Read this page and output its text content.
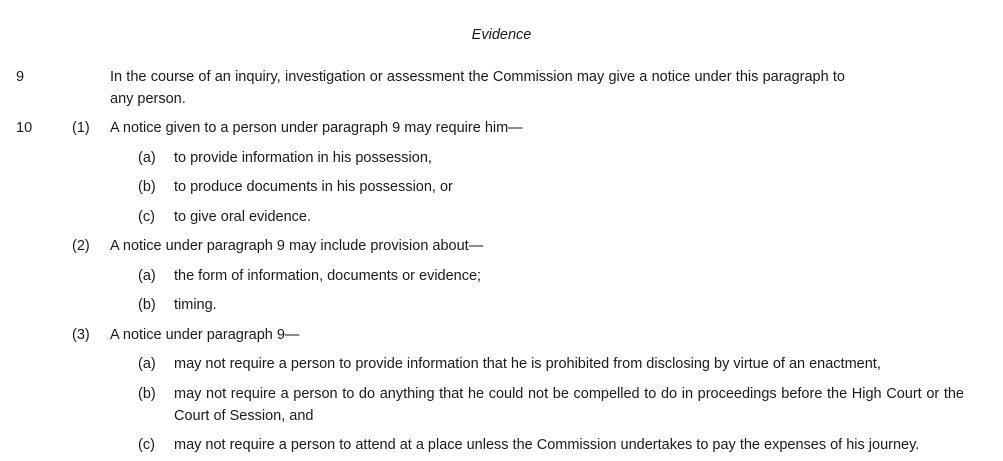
Evidence
9	In the course of an inquiry, investigation or assessment the Commission may give a notice under this paragraph to any person.
10	(1) A notice given to a person under paragraph 9 may require him—
(a) to provide information in his possession,
(b) to produce documents in his possession, or
(c) to give oral evidence.
(2) A notice under paragraph 9 may include provision about—
(a) the form of information, documents or evidence;
(b) timing.
(3) A notice under paragraph 9—
(a) may not require a person to provide information that he is prohibited from disclosing by virtue of an enactment,
(b) may not require a person to do anything that he could not be compelled to do in proceedings before the High Court or the Court of Session, and
(c) may not require a person to attend at a place unless the Commission undertakes to pay the expenses of his journey.
